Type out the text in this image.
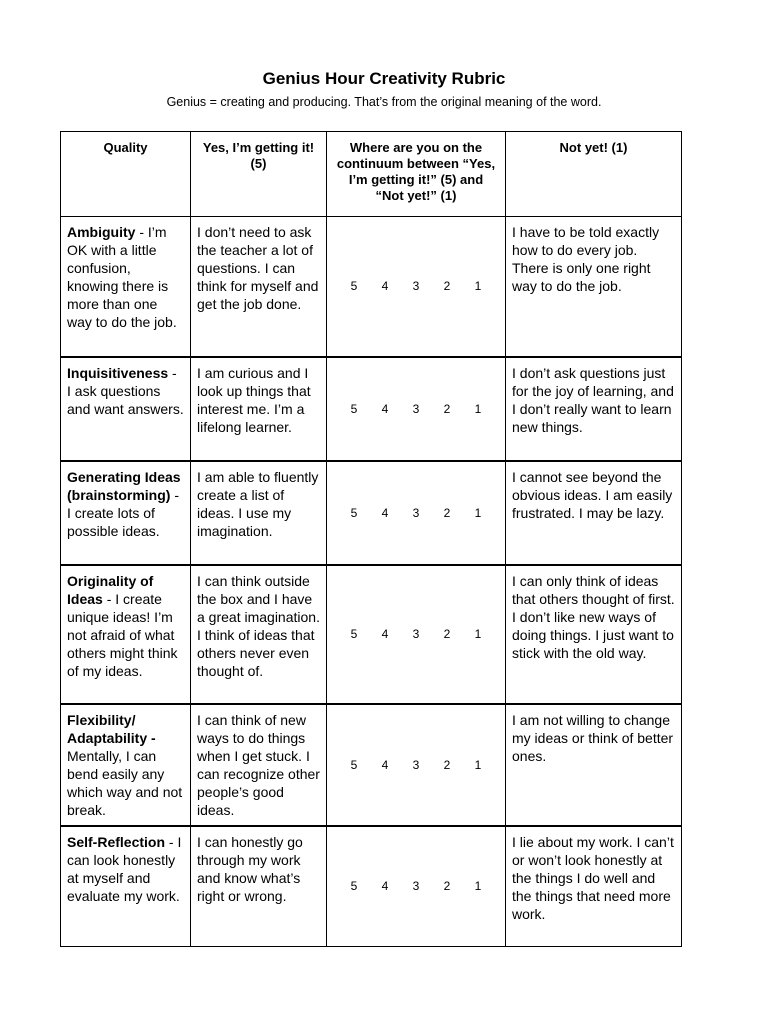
Genius Hour Creativity Rubric
Genius = creating and producing. That’s from the original meaning of the word.
Quality	Yes, I’m getting it! (5)	Where are you on the continuum between “Yes, I’m getting it!” (5) and “Not yet!” (1)	Not yet! (1)
Ambiguity - I’m OK with a little confusion, knowing there is more than one way to do the job.	I don’t need to ask the teacher a lot of questions. I can think for myself and get the job done.	5 4 3 2 1	I have to be told exactly how to do every job. There is only one right way to do the job.
Inquisitiveness - I ask questions and want answers.	I am curious and I look up things that interest me. I’m a lifelong learner.	5 4 3 2 1	I don’t ask questions just for the joy of learning, and I don’t really want to learn new things.
Generating Ideas (brainstorming) - I create lots of possible ideas.	I am able to fluently create a list of ideas. I use my imagination.	5 4 3 2 1	I cannot see beyond the obvious ideas. I am easily frustrated. I may be lazy.
Originality of Ideas - I create unique ideas! I’m not afraid of what others might think of my ideas.	I can think outside the box and I have a great imagination. I think of ideas that others never even thought of.	5 4 3 2 1	I can only think of ideas that others thought of first. I don’t like new ways of doing things. I just want to stick with the old way.
Flexibility/ Adaptability - Mentally, I can bend easily any which way and not break.	I can think of new ways to do things when I get stuck. I can recognize other people’s good ideas.	5 4 3 2 1	I am not willing to change my ideas or think of better ones.
Self-Reflection - I can look honestly at myself and evaluate my work.	I can honestly go through my work and know what’s right or wrong.	5 4 3 2 1	I lie about my work. I can’t or won’t look honestly at the things I do well and the things that need more work.
